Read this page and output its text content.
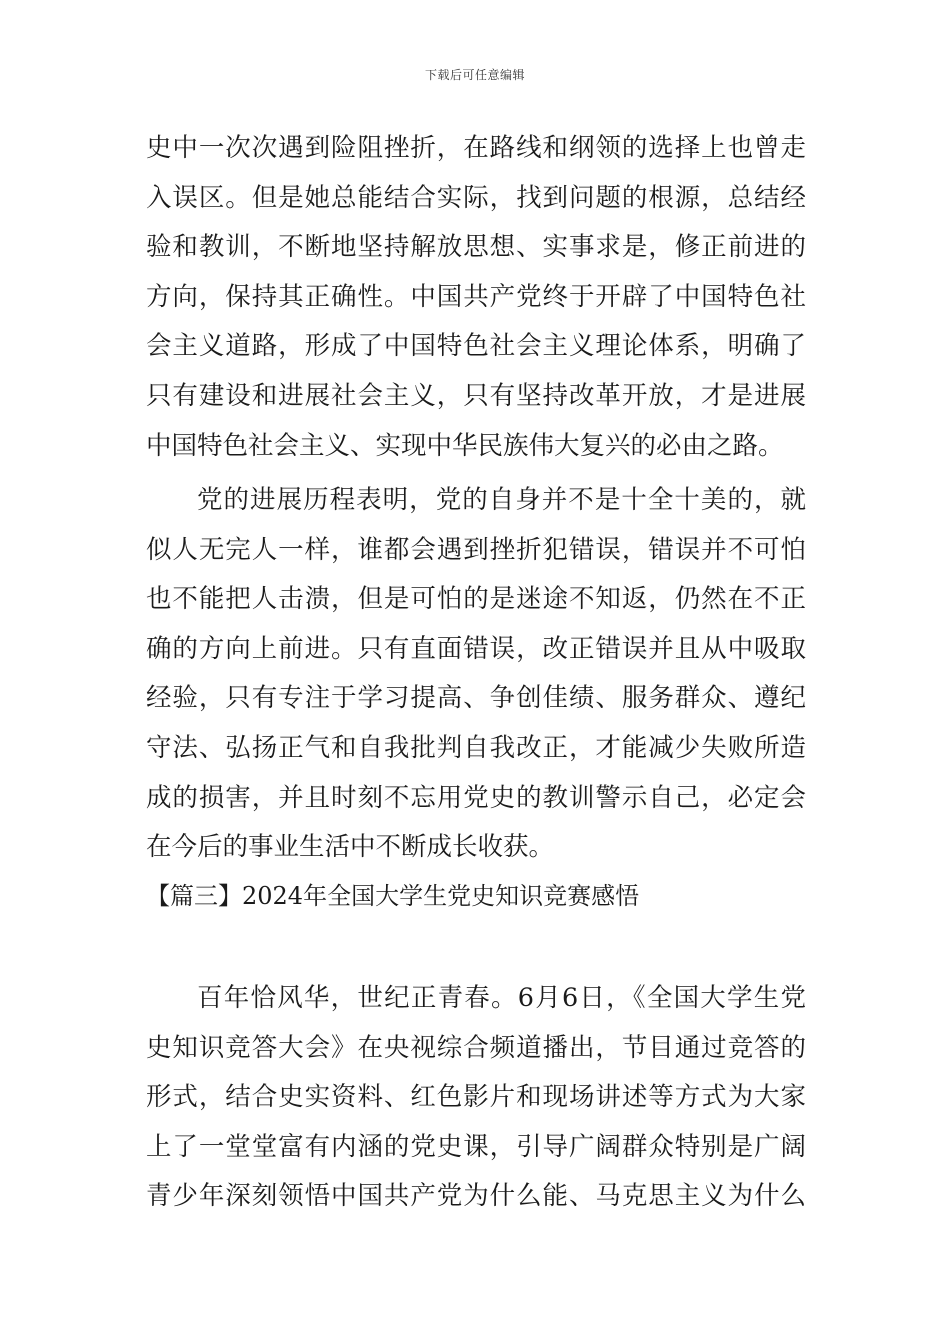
下载后可任意编辑
史中一次次遇到险阻挫折，在路线和纲领的选择上也曾走
入误区。但是她总能结合实际，找到问题的根源，总结经
验和教训，不断地坚持解放思想、实事求是，修正前进的
方向，保持其正确性。中国共产党终于开辟了中国特色社
会主义道路，形成了中国特色社会主义理论体系，明确了
只有建设和进展社会主义，只有坚持改革开放，才是进展
中国特色社会主义、实现中华民族伟大复兴的必由之路。
党的进展历程表明，党的自身并不是十全十美的，就
似人无完人一样，谁都会遇到挫折犯错误，错误并不可怕
也不能把人击溃，但是可怕的是迷途不知返，仍然在不正
确的方向上前进。只有直面错误，改正错误并且从中吸取
经验，只有专注于学习提高、争创佳绩、服务群众、遵纪
守法、弘扬正气和自我批判自我改正，才能减少失败所造
成的损害，并且时刻不忘用党史的教训警示自己，必定会
在今后的事业生活中不断成长收获。
【篇三】2024年全国大学生党史知识竞赛感悟
百年恰风华，世纪正青春。6月6日，《全国大学生党
史知识竞答大会》在央视综合频道播出，节目通过竞答的
形式，结合史实资料、红色影片和现场讲述等方式为大家
上了一堂堂富有内涵的党史课，引导广阔群众特别是广阔
青少年深刻领悟中国共产党为什么能、马克思主义为什么
